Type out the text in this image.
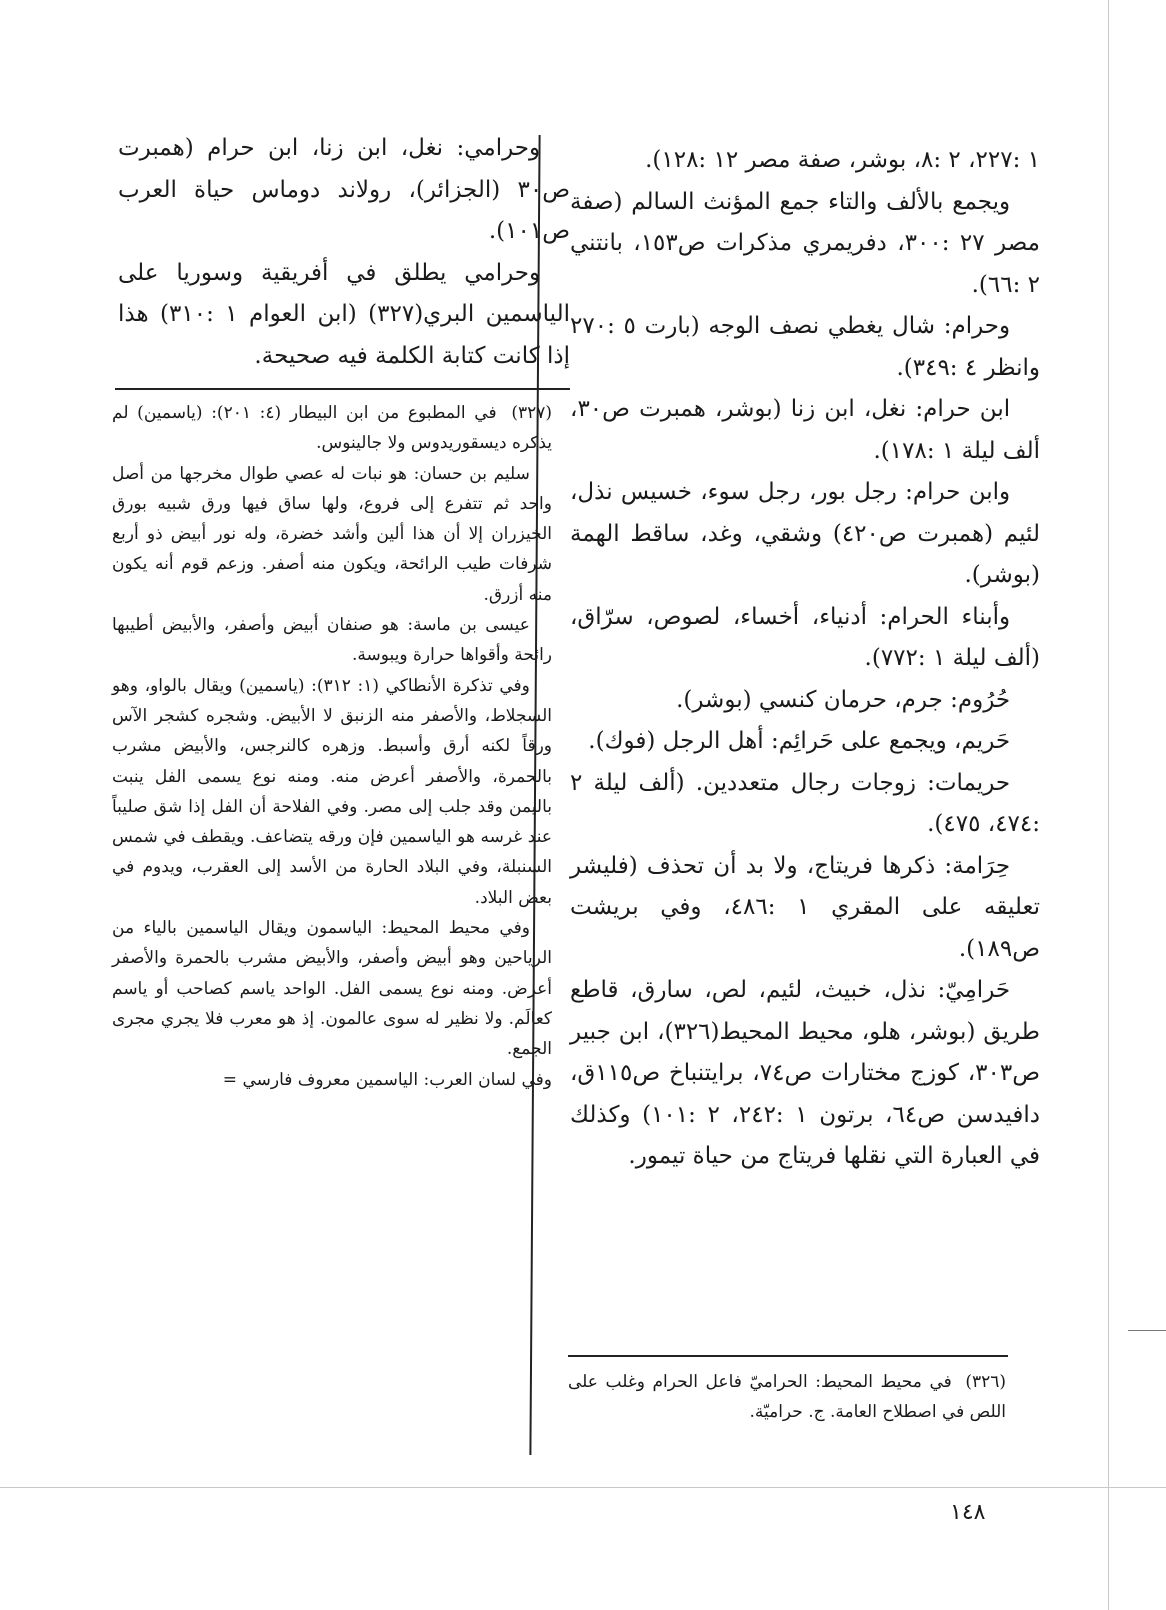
١ :٢٢٧، ٢ :٨، بوشر، صفة مصر ١٢ :١٢٨).

ويجمع بالألف والتاء جمع المؤنث السالم (صفة مصر ٢٧ :٣٠٠، دفريمري مذكرات ص١٥٣، بانتني ٢ :٦٦).

وحرام: شال يغطي نصف الوجه (بارت ٥ :٢٧٠ وانظر ٤ :٣٤٩).

ابن حرام: نغل، ابن زنا (بوشر، همبرت ص٣٠، ألف ليلة ١ :١٧٨).

وابن حرام: رجل بور، رجل سوء، خسيس نذل، لئيم (همبرت ص٤٢٠) وشقي، وغد، ساقط الهمة (بوشر).

وأبناء الحرام: أدنياء، أخساء، لصوص، سرّاق، (ألف ليلة ١ :٧٧٢).

حُرُوم: جرم، حرمان كنسي (بوشر).

حَريم، ويجمع على حَرائِم: أهل الرجل (فوك).

حريمات: زوجات رجال متعددين. (ألف ليلة ٢ :٤٧٤، ٤٧٥).

حِرَامة: ذكرها فريتاج، ولا بد أن تحذف (فليشر تعليقه على المقري ١ :٤٨٦، وفي بريشت ص١٨٩).

حَرامِيّ: نذل، خبيث، لئيم، لص، سارق، قاطع طريق (بوشر، هلو، محيط المحيط(٣٢٦)، ابن جبير ص٣٠٣، كوزج مختارات ص٧٤، برايتنباخ ص١١٥ق، دافيدسن ص٦٤، برتون ١ :٢٤٢، ٢ :١٠١) وكذلك في العبارة التي نقلها فريتاج من حياة تيمور.

وحرامي: نغل، ابن زنا، ابن حرام (همبرت ص٣٠ (الجزائر)، رولاند دوماس حياة العرب ص١٠١).

وحرامي يطلق في أفريقية وسوريا على الياسمين البري(٣٢٧) (ابن العوام ١ :٣١٠) هذا إذا كانت كتابة الكلمة فيه صحيحة.

(٣٢٧) في المطبوع من ابن البيطار (٤: ٢٠١): (ياسمين) لم يذكره ديسقوريدوس ولا جالينوس.

سليم بن حسان: هو نبات له عصي طوال مخرجها من أصل واحد ثم تتفرع إلى فروع، ولها ساق فيها ورق شبيه بورق الخيزران إلا أن هذا ألين وأشد خضرة، وله نور أبيض ذو أربع شرفات طيب الرائحة، ويكون منه أصفر. وزعم قوم أنه يكون منه أزرق.

عيسى بن ماسة: هو صنفان أبيض وأصفر، والأبيض أطيبها رائحة وأقواها حرارة ويبوسة.

وفي تذكرة الأنطاكي (١: ٣١٢): (ياسمين) ويقال بالواو، وهو السجلاط، والأصفر منه الزنبق لا الأبيض. وشجره كشجر الآس ورقاً لكنه أرق وأسبط. وزهره كالنرجس، والأبيض مشرب بالحمرة، والأصفر أعرض منه. ومنه نوع يسمى الفل ينبت باليمن وقد جلب إلى مصر. وفي الفلاحة أن الفل إذا شق صليباً عند غرسه هو الياسمين فإن ورقه يتضاعف. ويقطف في شمس السنبلة، وفي البلاد الحارة من الأسد إلى العقرب، ويدوم في بعض البلاد.

وفي محيط المحيط: الياسمون ويقال الياسمين بالياء من الرياحين وهو أبيض وأصفر، والأبيض مشرب بالحمرة والأصفر أعرض. ومنه نوع يسمى الفل. الواحد ياسم كصاحب أو ياسم كعالَم. ولا نظير له سوى عالمون. إذ هو معرب فلا يجري مجرى الجمع.

وفي لسان العرب: الياسمين معروف فارسي =

(٣٢٦) في محيط المحيط: الحراميّ فاعل الحرام وغلب على اللص في اصطلاح العامة. ج. حراميّة.

١٤٨
